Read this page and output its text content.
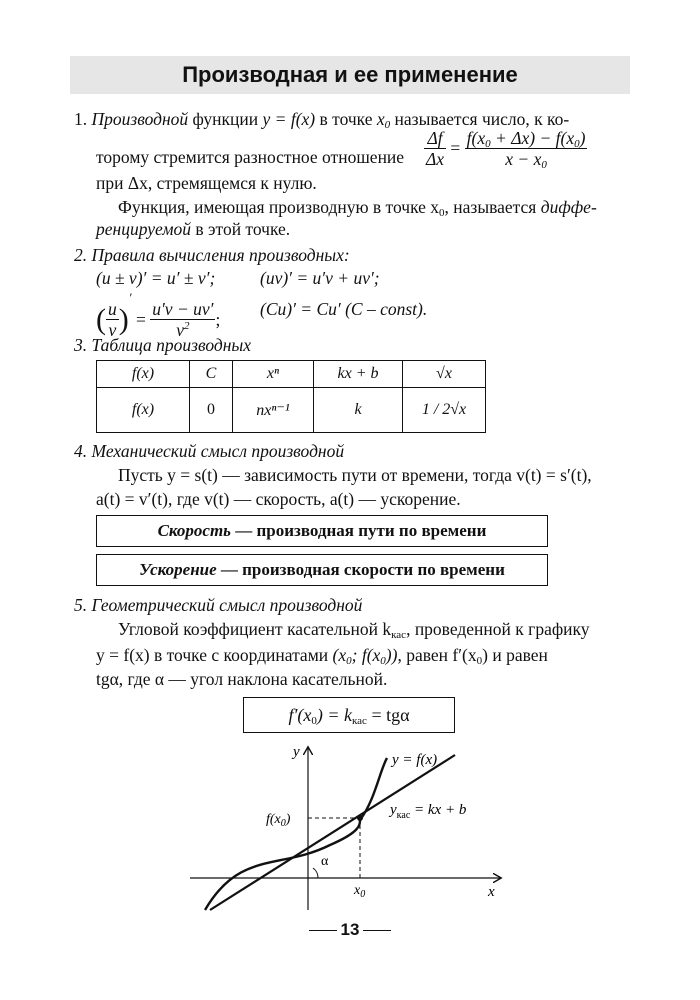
Производная и ее применение
1. Производной функции y = f(x) в точке $x_0$ называется число, к ко-
торому стремится разностное отношение $\frac{\Delta f}{\Delta x} = \frac{f(x_0 + \Delta x) - f(x_0)}{x - x_0}$
при Δx, стремящемся к нулю.
Функция, имеющая производную в точке $x_0$, называется диффе-
ренцируемой в этой точке.
2. Правила вычисления производных:
(u ± v)′ = u′ ± v′;	(uv)′ = u′v + uv′;
( $\frac{u}{v} )' = \frac{u'v - uv'}{v^2}$ ;
(Cu)′ = Cu′ (C – const).
3. Таблица производных
f(x)	C	xⁿ	kx + b	√x
f(x)	0	nxⁿ⁻¹	k	1 / 2√x
4. Механический смысл производной
Пусть y = s(t) — зависимость пути от времени, тогда v(t) = s′(t),
a(t) = v′(t), где v(t) — скорость, a(t) — ускорение.
Скорость — производная пути по времени
Ускорение — производная скорости по времени
5. Геометрический смысл производной
Угловой коэффициент касательной $k_{кас}$, проведенной к графику
y = f(x) в точке с координатами ($x_0$; $f(x_0)$), равен $f'(x_0)$ и равен
tgα, где α — угол наклона касательной.
$f'(x_0) = k_{кас} = tg\alpha$
y
x
y = f(x)
$y_{кас}$ = kx + b
$f(x_0)$
$x_0$
α
13
